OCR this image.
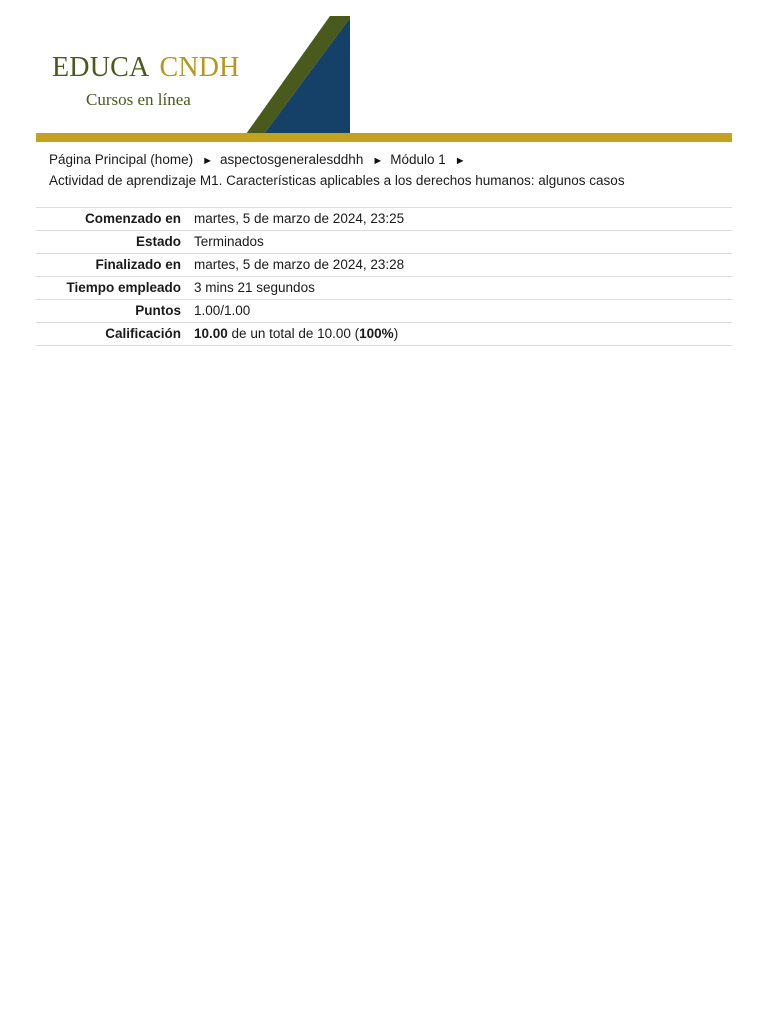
EDUCA CNDH
Cursos en línea
Página Principal (home) ► aspectosgeneralesddhh ► Módulo 1 ►
Actividad de aprendizaje M1. Características aplicables a los derechos humanos: algunos casos
Comenzado en	martes, 5 de marzo de 2024, 23:25
Estado	Terminados
Finalizado en	martes, 5 de marzo de 2024, 23:28
Tiempo empleado	3 mins 21 segundos
Puntos	1.00/1.00
Calificación	10.00 de un total de 10.00 (100%)
